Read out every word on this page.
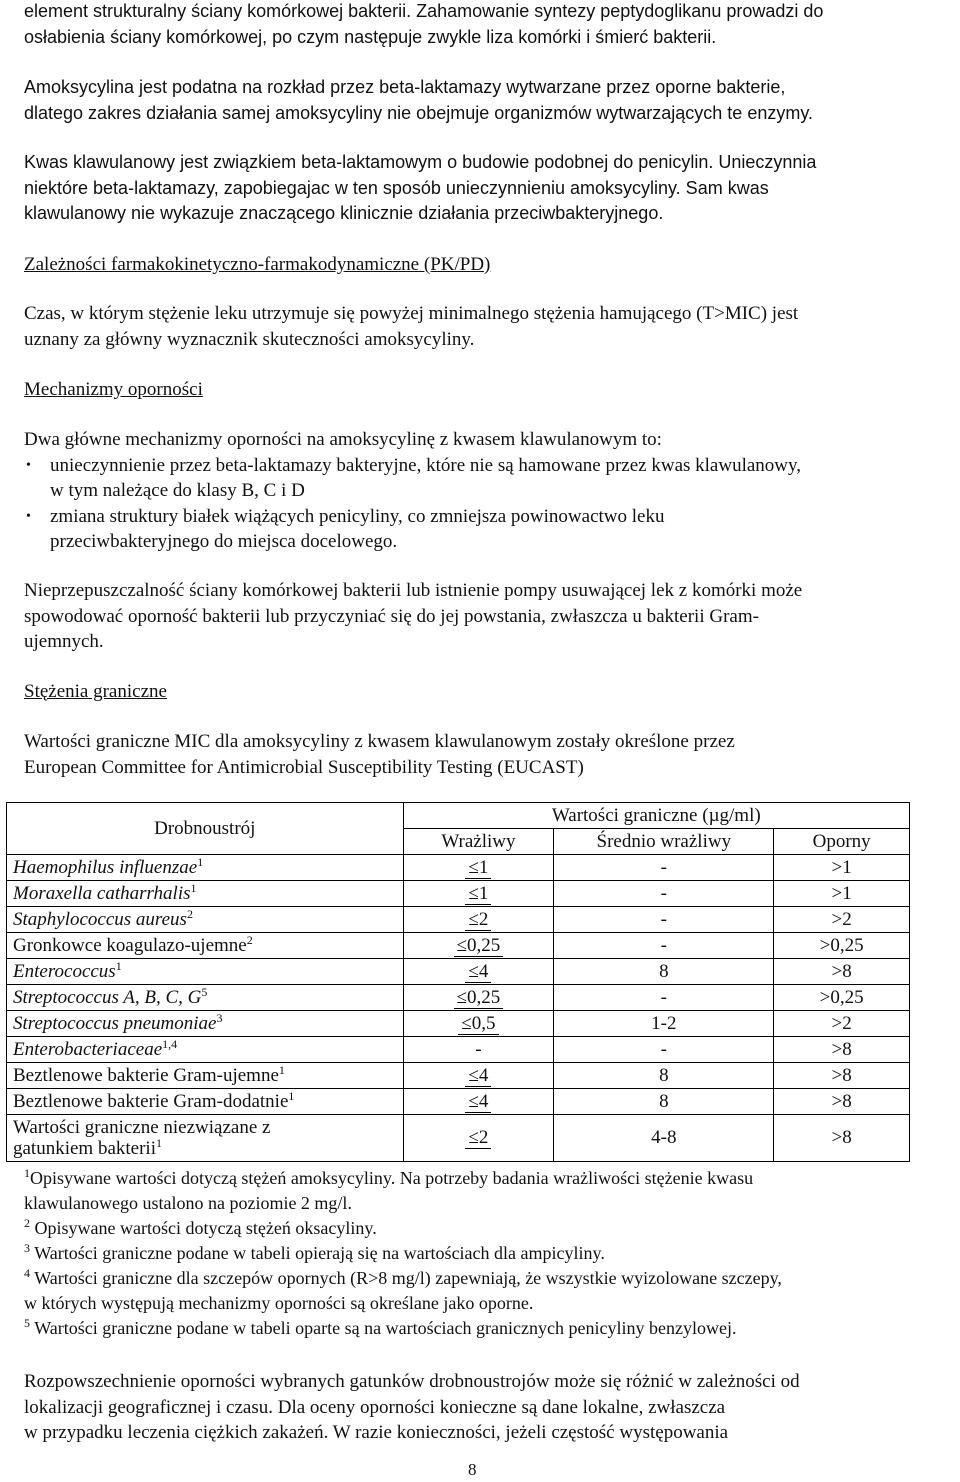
element strukturalny ściany komórkowej bakterii. Zahamowanie syntezy peptydoglikanu prowadzi do
osłabienia ściany komórkowej, po czym następuje zwykle liza komórki i śmierć bakterii.

Amoksycylina jest podatna na rozkład przez beta-laktamazy wytwarzane przez oporne bakterie,
dlatego zakres działania samej amoksycyliny nie obejmuje organizmów wytwarzających te enzymy.

Kwas klawulanowy jest związkiem beta-laktamowym o budowie podobnej do penicylin. Unieczynnia
niektóre beta-laktamazy, zapobiegajac w ten sposób unieczynnieniu amoksycyliny. Sam kwas
klawulanowy nie wykazuje znaczącego klinicznie działania przeciwbakteryjnego.

Zależności farmakokinetyczno-farmakodynamiczne (PK/PD)

Czas, w którym stężenie leku utrzymuje się powyżej minimalnego stężenia hamującego (T>MIC) jest
uznany za główny wyznacznik skuteczności amoksycyliny.

Mechanizmy oporności

Dwa główne mechanizmy oporności na amoksycylinę z kwasem klawulanowym to:
• unieczynnienie przez beta-laktamazy bakteryjne, które nie są hamowane przez kwas klawulanowy,
w tym należące do klasy B, C i D
• zmiana struktury białek wiążących penicyliny, co zmniejsza powinowactwo leku
przeciwbakteryjnego do miejsca docelowego.

Nieprzepuszczalność ściany komórkowej bakterii lub istnienie pompy usuwającej lek z komórki może
spowodować oporność bakterii lub przyczyniać się do jej powstania, zwłaszcza u bakterii Gram-
ujemnych.

Stężenia graniczne

Wartości graniczne MIC dla amoksycyliny z kwasem klawulanowym zostały określone przez
European Committee for Antimicrobial Susceptibility Testing (EUCAST)

$^1$Opisywane wartości dotyczą stężeń amoksycyliny. Na potrzeby badania wrażliwości stężenie kwasu
klawulanowego ustalono na poziomie 2 mg/l.
$^2$ Opisywane wartości dotyczą stężeń oksacyliny.
$^3$ Wartości graniczne podane w tabeli opierają się na wartościach dla ampicyliny.
$^4$ Wartości graniczne dla szczepów opornych (R>8 mg/l) zapewniają, że wszystkie wyizolowane szczepy,
w których występują mechanizmy oporności są określane jako oporne.
$^5$ Wartości graniczne podane w tabeli oparte są na wartościach granicznych penicyliny benzylowej.

Rozpowszechnienie oporności wybranych gatunków drobnoustrojów może się różnić w zależności od
lokalizacji geograficznej i czasu. Dla oceny oporności konieczne są dane lokalne, zwłaszcza
w przypadku leczenia ciężkich zakażeń. W razie konieczności, jeżeli częstość występowania

Drobnoustrój	Wartości graniczne (µg/ml)		
	Wrażliwy	Średnio wrażliwy	Oporny
Haemophilus influenzae$^1$	≤ 1	-	>1
Moraxella catharrhalis$^1$	≤ 1	-	>1
Staphylococcus aureus$^2$	≤ 2	-	>2
Gronkowce koagulazo-ujemne$^2$	≤ 0,25	-	>0,25
Enterococcus$^1$	≤ 4	8	>8
Streptococcus A, B, C, $G^5$	≤ 0,25	-	>0,25
Streptococcus pneumoniae$^3$	≤ 0,5	1-2	>2
Enterobacteriaceae$^{1,4}$	-	-	>8
Beztlenowe bakterie Gram-ujemne$^1$	≤ 4	8	>8
Beztlenowe bakterie Gram-dodatnie$^1$	≤ 4	8	>8
Wartości graniczne niezwiązane z
gatunkiem bakterii$^1$	≤ 2	4-8	>8
8
